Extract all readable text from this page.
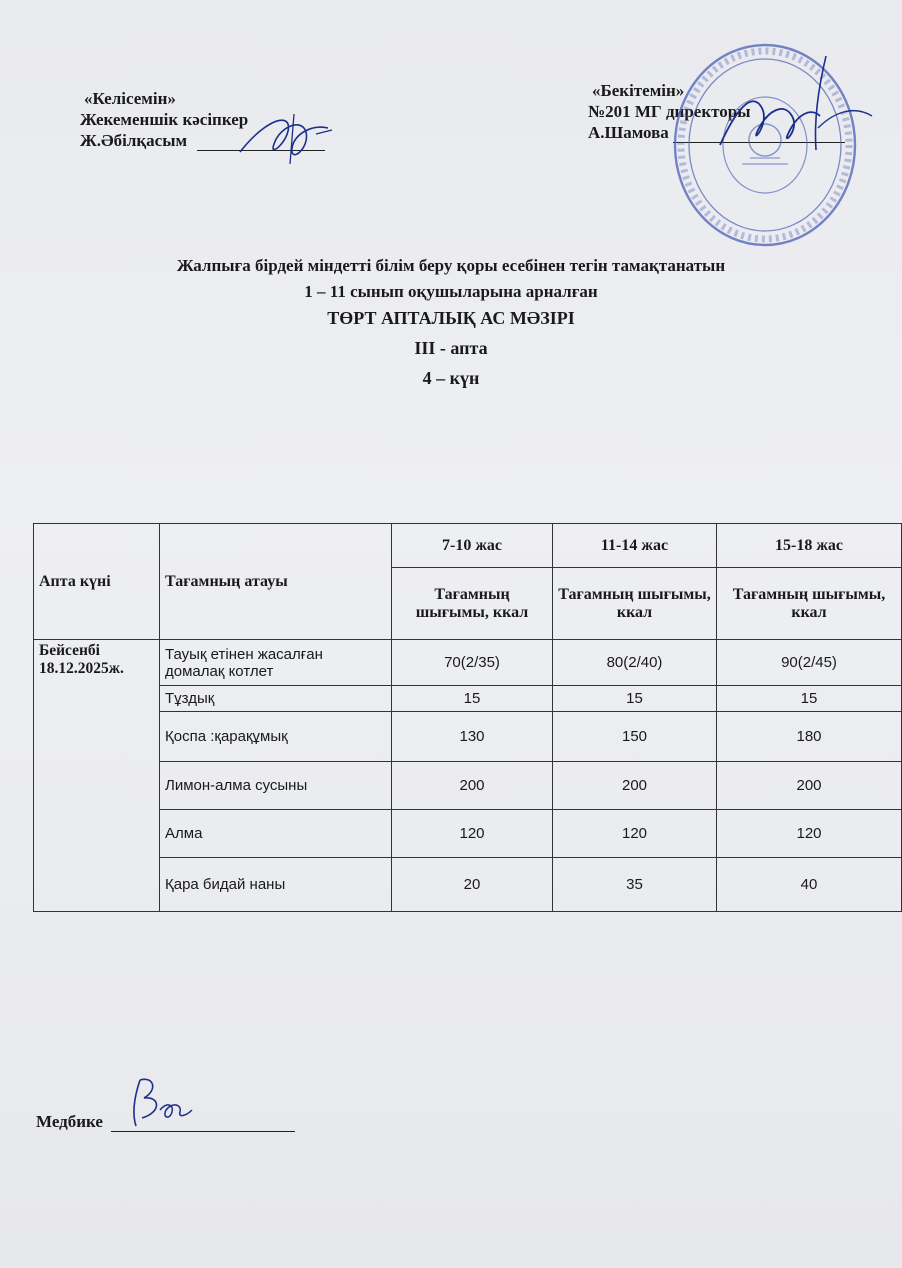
«Келісемін»
Жекеменшік кәсіпкер
Ж.Әбілқасым
«Бекітемін»
№201 МГ директоры
А.Шамова
Жалпыға бірдей міндетті білім беру қоры есебінен тегін тамақтанатын
1 – 11 сынып оқушыларына арналған
ТӨРТ АПТАЛЫҚ АС МӘЗІРІ
ІІІ - апта
4 – күн
Апта күні	Тағамның атауы	7-10 жас	11-14 жас	15-18 жас
		Тағамның шығымы, ккал	Тағамның шығымы, ккал	Тағамның шығымы, ккал
Бейсенбі 18.12.2025ж.	Тауық етінен жасалған домалақ котлет	70(2/35)	80(2/40)	90(2/45)
	Тұздық	15	15	15
	Қоспа :қарақұмық	130	150	180
	Лимон-алма сусыны	200	200	200
	Алма	120	120	120
	Қара бидай наны	20	35	40
Медбике
